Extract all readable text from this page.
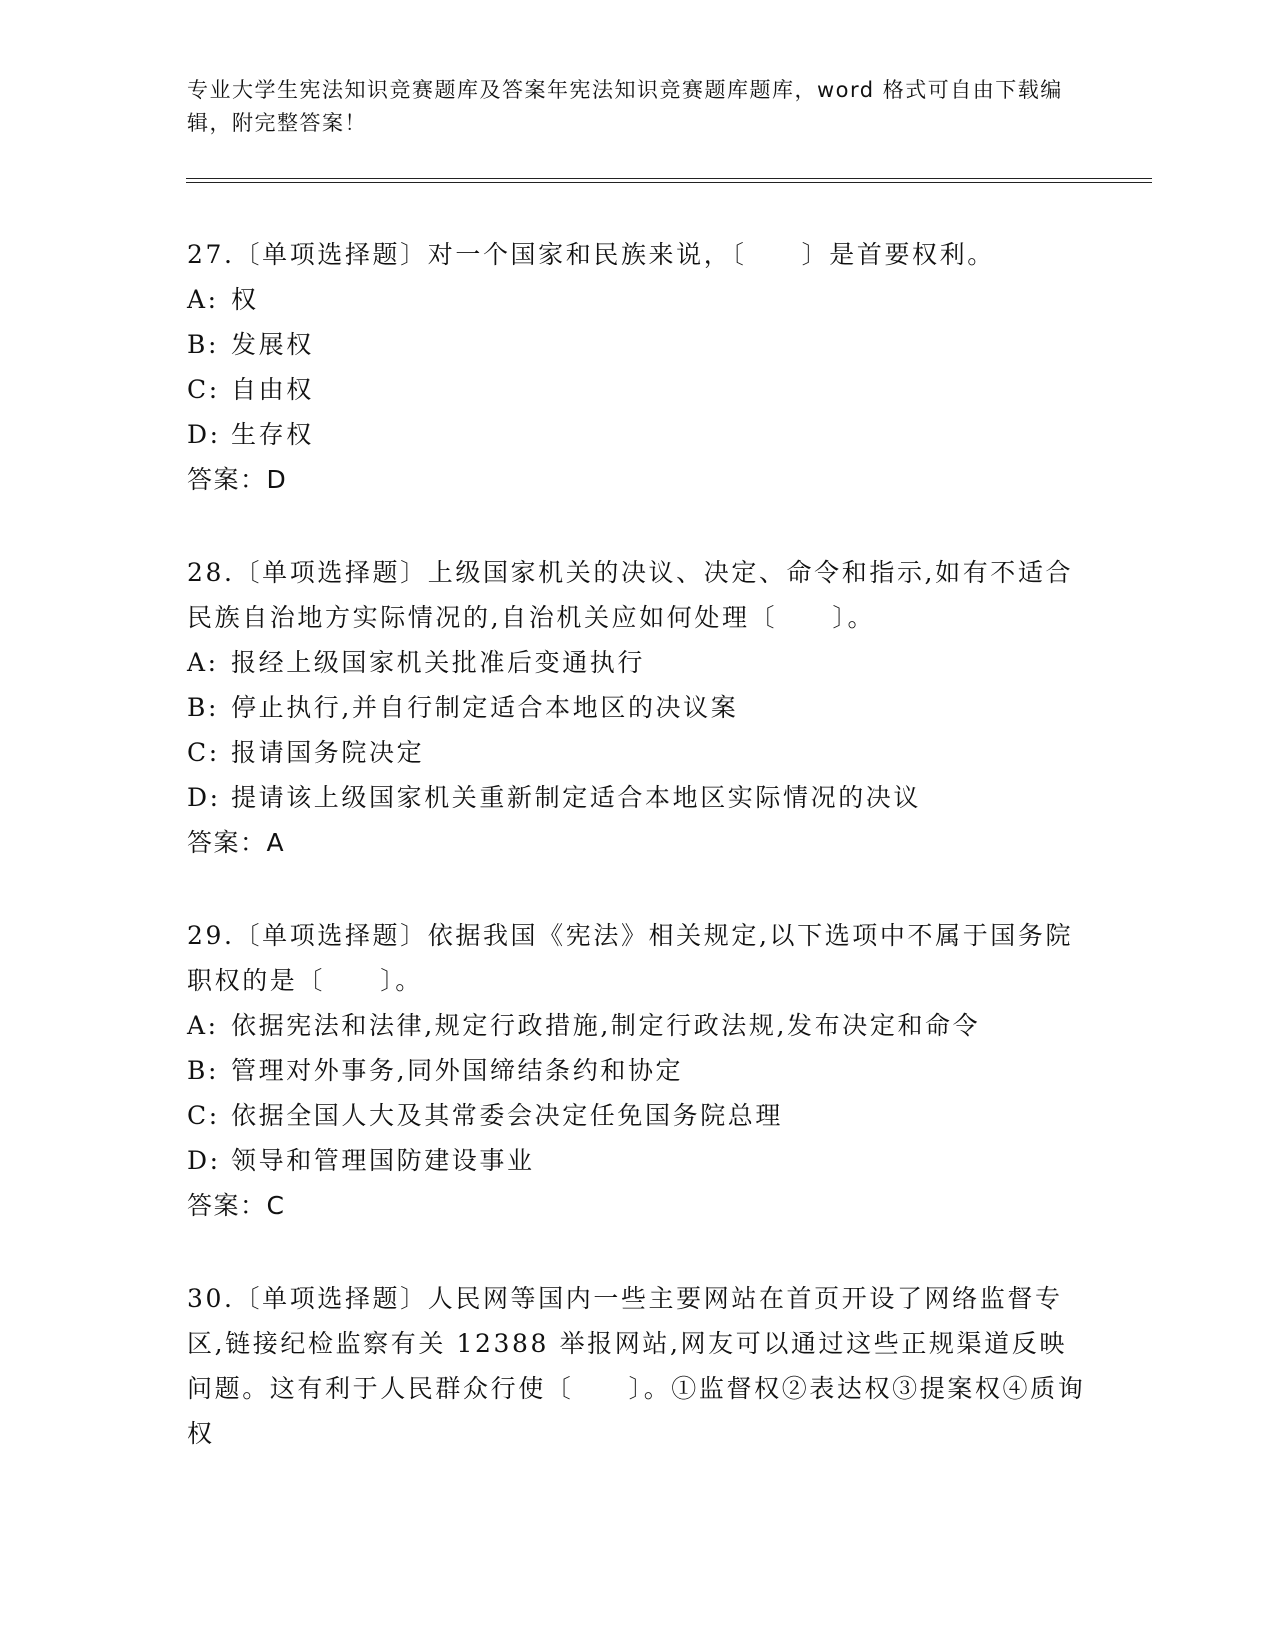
专业大学生宪法知识竞赛题库及答案年宪法知识竞赛题库题库，word 格式可自由下载编辑，附完整答案！
27.〔单项选择题〕对一个国家和民族来说，〔　　〕是首要权利。
A: 权
B: 发展权
C: 自由权
D: 生存权
答案：D
28.〔单项选择题〕上级国家机关的决议、决定、命令和指示,如有不适合民族自治地方实际情况的,自治机关应如何处理〔　　〕。
A: 报经上级国家机关批准后变通执行
B: 停止执行,并自行制定适合本地区的决议案
C: 报请国务院决定
D: 提请该上级国家机关重新制定适合本地区实际情况的决议
答案：A
29.〔单项选择题〕依据我国《宪法》相关规定,以下选项中不属于国务院职权的是〔　　〕。
A: 依据宪法和法律,规定行政措施,制定行政法规,发布决定和命令
B: 管理对外事务,同外国缔结条约和协定
C: 依据全国人大及其常委会决定任免国务院总理
D: 领导和管理国防建设事业
答案：C
30.〔单项选择题〕人民网等国内一些主要网站在首页开设了网络监督专区,链接纪检监察有关 12388 举报网站,网友可以通过这些正规渠道反映问题。这有利于人民群众行使〔　　〕。①监督权②表达权③提案权④质询权
